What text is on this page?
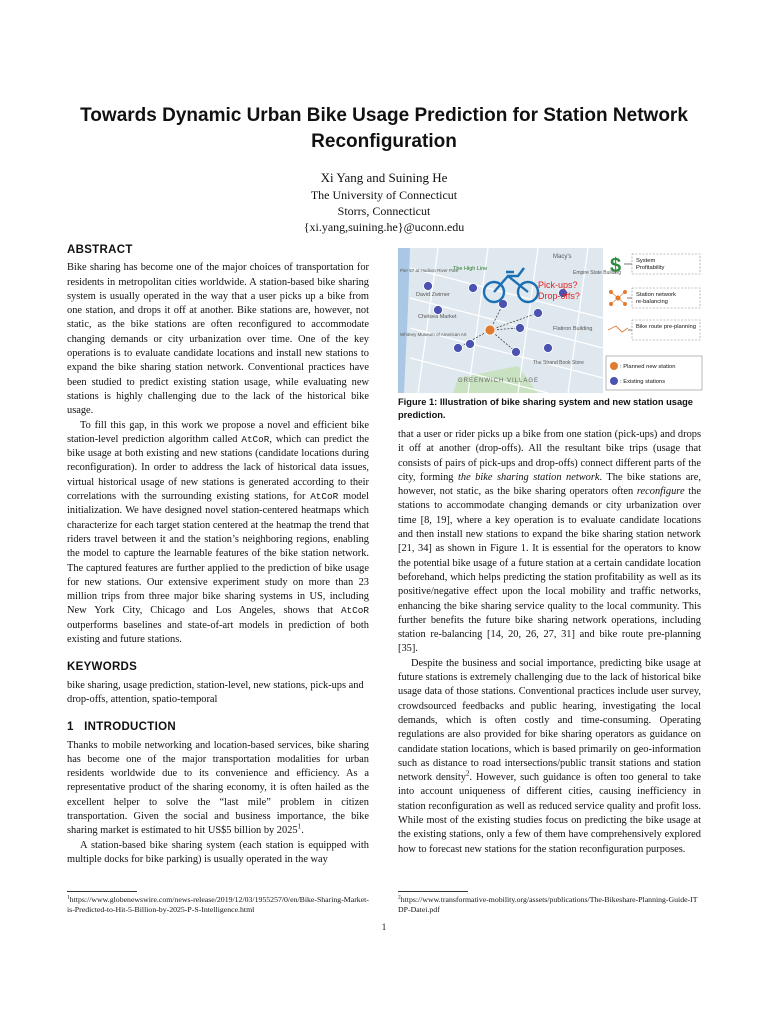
Towards Dynamic Urban Bike Usage Prediction for Station Network Reconfiguration
Xi Yang and Suining He
The University of Connecticut
Storrs, Connecticut
{xi.yang,suining.he}@uconn.edu
ABSTRACT

Bike sharing has become one of the major choices of transportation for residents in metropolitan cities worldwide. A station-based bike sharing system is usually operated in the way that a user picks up a bike from one station, and drops it off at another. Bike stations are, however, not static, as the bike stations are often reconfigured to accommodate changing demands or city urbanization over time. One of the key operations is to evaluate candidate locations and install new stations to expand the bike sharing station network. Conventional practices have been studied to predict existing station usage, while evaluating new stations is highly challenging due to the lack of the historical bike usage.

To fill this gap, in this work we propose a novel and efficient bike station-level prediction algorithm called AtCoR, which can predict the bike usage at both existing and new stations (candidate locations during reconfiguration). In order to address the lack of historical data issues, virtual historical usage of new stations is generated according to their correlations with the surrounding existing stations, for AtCoR model initialization. We have designed novel station-centered heatmaps which characterize for each target station centered at the heatmap the trend that riders travel between it and the station’s neighboring regions, enabling the model to capture the learnable features of the bike station network. The captured features are further applied to the prediction of bike usage for new stations. Our extensive experiment study on more than 23 million trips from three major bike sharing systems in US, including New York City, Chicago and Los Angeles, shows that AtCoR outperforms baselines and state-of-art models in prediction of both existing and future stations.

KEYWORDS

bike sharing, usage prediction, station-level, new stations, pick-ups and drop-offs, attention, spatio-temporal

1   INTRODUCTION

Thanks to mobile networking and location-based services, bike sharing has become one of the major transportation modalities for urban residents worldwide due to its convenience and efficiency. As a representative product of the sharing economy, it is often hailed as the excellent helper to solve the “last mile” problem in citizen transportation. Given the social and business importance, the bike sharing market is estimated to hit US$5 billion by 2025$^1$.

A station-based bike sharing system (each station is equipped with multiple docks for bike parking) is usually operated in the way

Macy’s
The High Line
Empire State Building
Pier 57 at Hudson River Park
David Zwirner
Chelsea Market
Whitney Museum of American Art
Flatiron Building
The Strand Book Store
GREENWICH VILLAGE
Pick-ups?
Drop-offs?
$	System Profitability
Station network re-balancing
Bike route pre-planning
: Planned new station
: Existing stations
Figure 1: Illustration of bike sharing system and new station usage prediction.

that a user or rider picks up a bike from one station (pick-ups) and drops it off at another (drop-offs). All the resultant bike trips (usage that consists of pairs of pick-ups and drop-offs) connect different parts of the city, forming the bike sharing station network. The bike stations are, however, not static, as the bike sharing operators often reconfigure the stations to accommodate changing demands or city urbanization over time [8, 19], where a key operation is to evaluate candidate locations and then install new stations to expand the bike sharing station network [21, 34] as shown in Figure 1. It is essential for the operators to know the potential bike usage of a future station at a certain candidate location beforehand, which helps predicting the station profitability as well as its positive/negative effect upon the local mobility and traffic networks, enhancing the bike sharing service quality to the local community. This further benefits the future bike sharing network operations, including station re-balancing [14, 20, 26, 27, 31] and bike route pre-planning [35].

Despite the business and social importance, predicting bike usage at future stations is extremely challenging due to the lack of historical bike usage data of those stations. Conventional practices include user survey, crowdsourced feedbacks and public hearing, investigating the local demands, which is often costly and time-consuming. Operating regulations are also provided for bike sharing operators as guidance on candidate station locations, which is based primarily on geo-information such as distance to road intersections/public transit stations and station network density$^2$. However, such guidance is often too general to take into account uniqueness of different cities, causing inefficiency in station reconfiguration as well as reduced service quality and profit loss. While most of the existing studies focus on predicting the bike usage at the existing stations, only a few of them have comprehensively explored how to forecast new stations for the station reconfiguration purposes.

$^1$https://www.globenewswire.com/news-release/2019/12/03/1955257/0/en/Bike-Sharing-Market-is-Predicted-to-Hit-5-Billion-by-2025-P-S-Intelligence.html
$^2$https://www.transformative-mobility.org/assets/publications/The-Bikeshare-Planning-Guide-ITDP-Datei.pdf
1
